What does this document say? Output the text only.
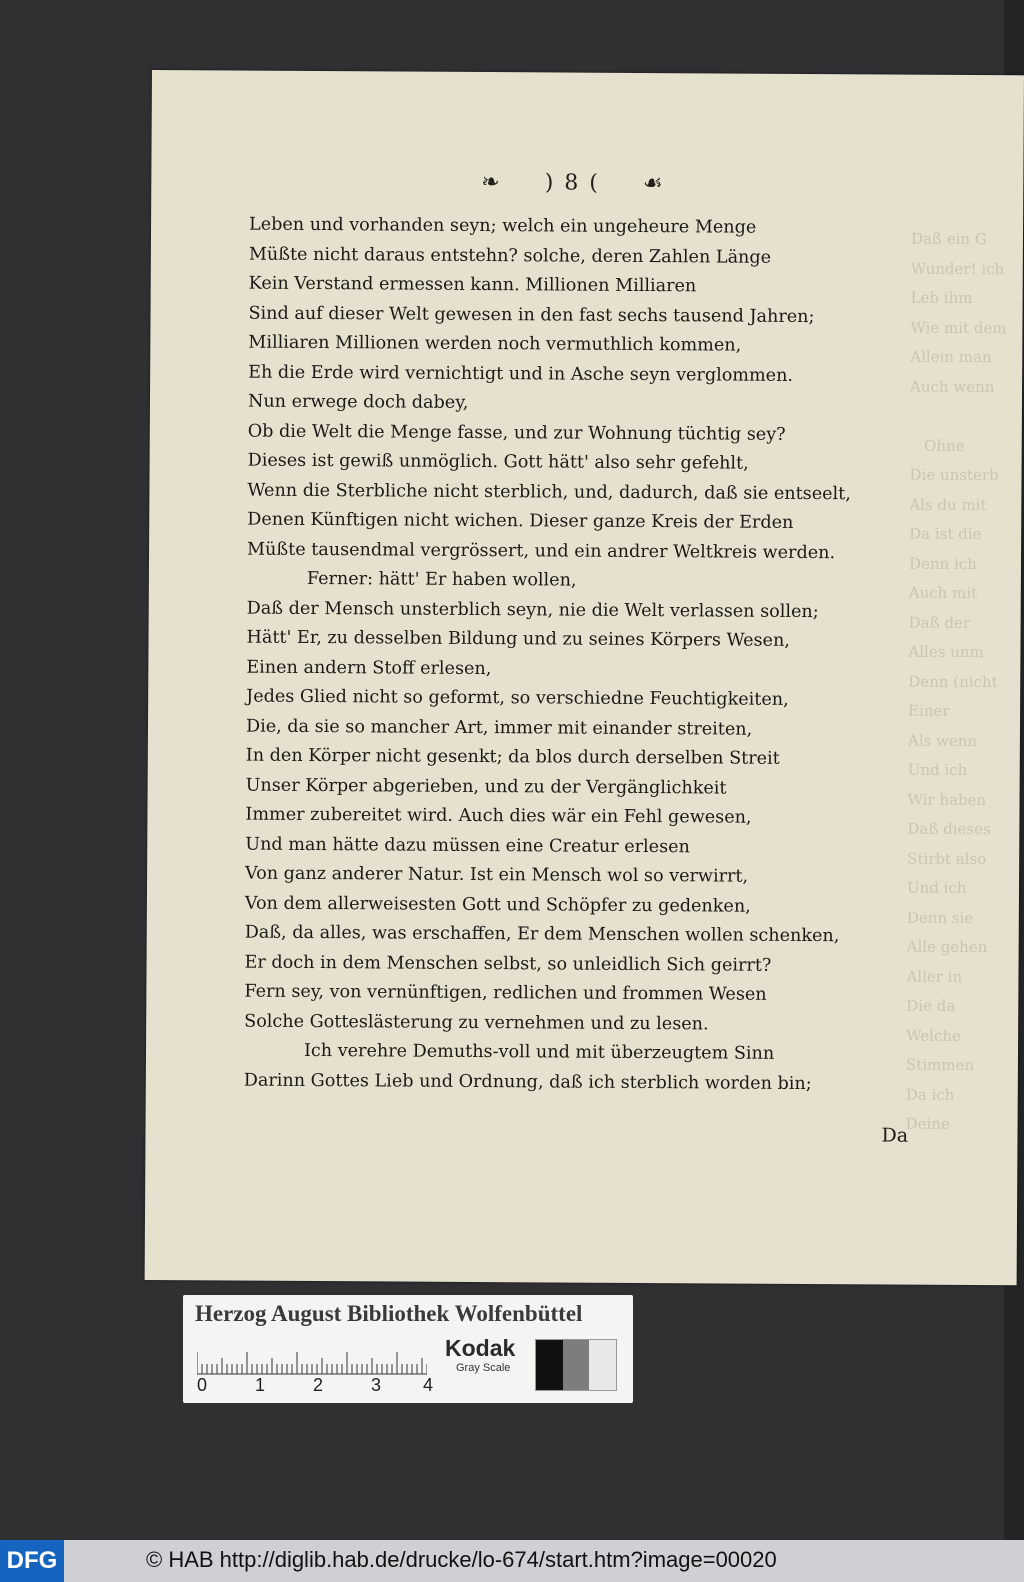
Daß ein G
Wunder! ich
Leb ihm
Wie mit dem
Allein man
Auch wenn

Ohne
Die unsterb
Als du mit
Da ist die
Denn ich
Auch mit
Daß der
Alles unm
Denn (nicht
Einer
Als wenn
Und ich
Wir haben
Daß dieses
Stirbt also
Und ich
Denn sie
Alle gehen
Aller in
Die da
Welche
Stimmen
Da ich
Deine
❧ ) 8 ( ☙
Leben und vorhanden seyn; welch ein ungeheure Menge
Müßte nicht daraus entstehn? solche, deren Zahlen Länge
Kein Verstand ermessen kann. Millionen Milliaren
Sind auf dieser Welt gewesen in den fast sechs tausend Jahren;
Milliaren Millionen werden noch vermuthlich kommen,
Eh die Erde wird vernichtigt und in Asche seyn verglommen.
Nun erwege doch dabey,
Ob die Welt die Menge fasse, und zur Wohnung tüchtig sey?
Dieses ist gewiß unmöglich. Gott hätt' also sehr gefehlt,
Wenn die Sterbliche nicht sterblich, und, dadurch, daß sie entseelt,
Denen Künftigen nicht wichen. Dieser ganze Kreis der Erden
Müßte tausendmal vergrössert, und ein andrer Weltkreis werden.
Ferner: hätt' Er haben wollen,
Daß der Mensch unsterblich seyn, nie die Welt verlassen sollen;
Hätt' Er, zu desselben Bildung und zu seines Körpers Wesen,
Einen andern Stoff erlesen,
Jedes Glied nicht so geformt, so verschiedne Feuchtigkeiten,
Die, da sie so mancher Art, immer mit einander streiten,
In den Körper nicht gesenkt; da blos durch derselben Streit
Unser Körper abgerieben, und zu der Vergänglichkeit
Immer zubereitet wird. Auch dies wär ein Fehl gewesen,
Und man hätte dazu müssen eine Creatur erlesen
Von ganz anderer Natur. Ist ein Mensch wol so verwirrt,
Von dem allerweisesten Gott und Schöpfer zu gedenken,
Daß, da alles, was erschaffen, Er dem Menschen wollen schenken,
Er doch in dem Menschen selbst, so unleidlich Sich geirrt?
Fern sey, von vernünftigen, redlichen und frommen Wesen
Solche Gotteslästerung zu vernehmen und zu lesen.
Ich verehre Demuths-voll und mit überzeugtem Sinn
Darinn Gottes Lieb und Ordnung, daß ich sterblich worden bin;
Da
Herzog August Bibliothek Wolfenbüttel
0	1	2	3 4
Kodak
Gray Scale
DFG	© HAB http://diglib.hab.de/drucke/lo-674/start.htm?image=00020
